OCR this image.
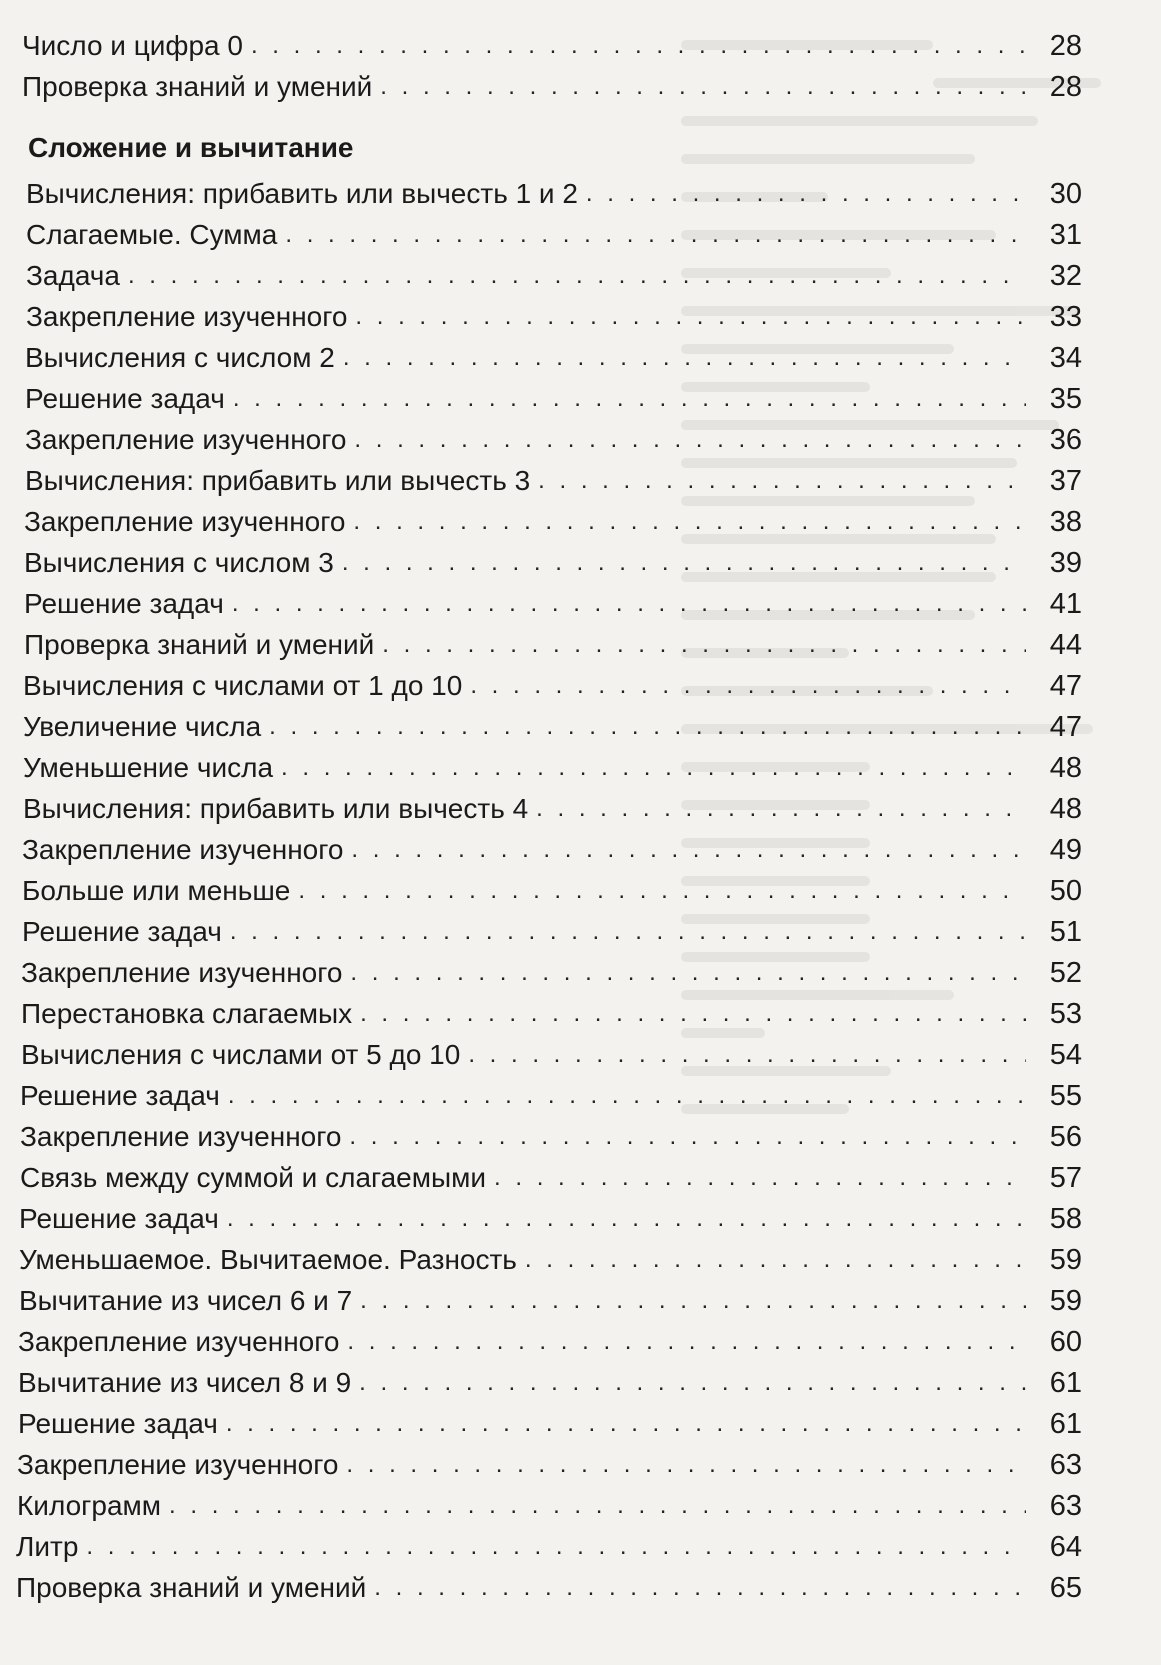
Число и цифра 0 . . .	28
Проверка знаний и умений . . .	28
Сложение и вычитание
Вычисления: прибавить или вычесть 1 и 2 . . .	30
Слагаемые. Сумма . . .	31
Задача . . .	32
Закрепление изученного . . .	33
Вычисления с числом 2 . . .	34
Решение задач . . .	35
Закрепление изученного . . .	36
Вычисления: прибавить или вычесть 3 . . .	37
Закрепление изученного . . .	38
Вычисления с числом 3 . . .	39
Решение задач . . .	41
Проверка знаний и умений . . .	44
Вычисления с числами от 1 до 10 . . .	47
Увеличение числа . . .	47
Уменьшение числа . . .	48
Вычисления: прибавить или вычесть 4 . . .	48
Закрепление изученного . . .	49
Больше или меньше . . .	50
Решение задач . . .	51
Закрепление изученного . . .	52
Перестановка слагаемых . . .	53
Вычисления с числами от 5 до 10 . . .	54
Решение задач . . .	55
Закрепление изученного . . .	56
Связь между суммой и слагаемыми . . .	57
Решение задач . . .	58
Уменьшаемое. Вычитаемое. Разность . . .	59
Вычитание из чисел 6 и 7 . . .	59
Закрепление изученного . . .	60
Вычитание из чисел 8 и 9 . . .	61
Решение задач . . .	61
Закрепление изученного . . .	63
Килограмм . . .	63
Литр . . .	64
Проверка знаний и умений . . .	65
